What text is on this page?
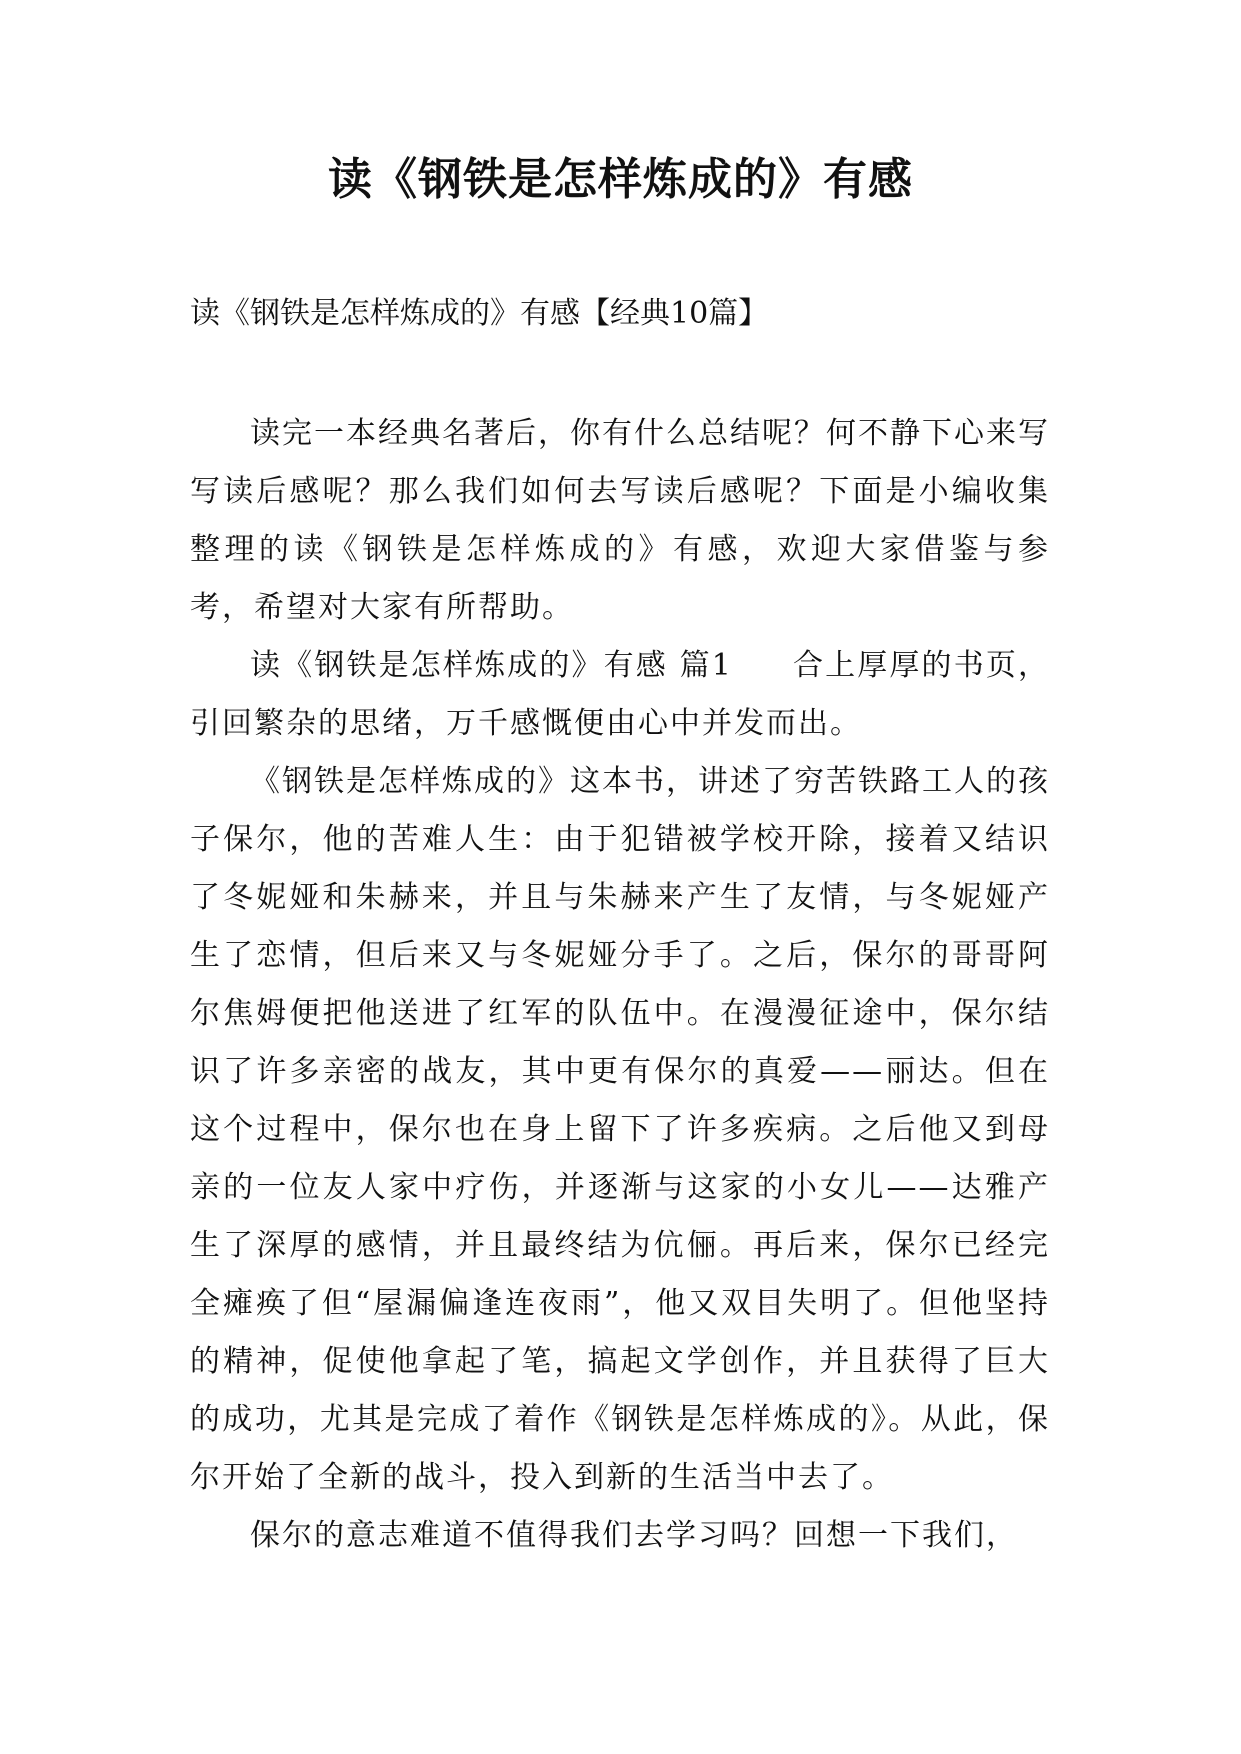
读《钢铁是怎样炼成的》有感
读《钢铁是怎样炼成的》有感【经典10篇】

读完一本经典名著后，你有什么总结呢？何不静下心来写写读后感呢？那么我们如何去写读后感呢？下面是小编收集整理的读《钢铁是怎样炼成的》有感，欢迎大家借鉴与参考，希望对大家有所帮助。

读《钢铁是怎样炼成的》有感 篇1 合上厚厚的书页，引回繁杂的思绪，万千感慨便由心中并发而出。

《钢铁是怎样炼成的》这本书，讲述了穷苦铁路工人的孩子保尔，他的苦难人生：由于犯错被学校开除，接着又结识了冬妮娅和朱赫来，并且与朱赫来产生了友情，与冬妮娅产生了恋情，但后来又与冬妮娅分手了。之后，保尔的哥哥阿尔焦姆便把他送进了红军的队伍中。在漫漫征途中，保尔结识了许多亲密的战友，其中更有保尔的真爱——丽达。但在这个过程中，保尔也在身上留下了许多疾病。之后他又到母亲的一位友人家中疗伤，并逐渐与这家的小女儿——达雅产生了深厚的感情，并且最终结为伉俪。再后来，保尔已经完全瘫痪了但“屋漏偏逢连夜雨”，他又双目失明了。但他坚持的精神，促使他拿起了笔，搞起文学创作，并且获得了巨大的成功，尤其是完成了着作《钢铁是怎样炼成的》。从此，保尔开始了全新的战斗，投入到新的生活当中去了。

保尔的意志难道不值得我们去学习吗？回想一下我们，
